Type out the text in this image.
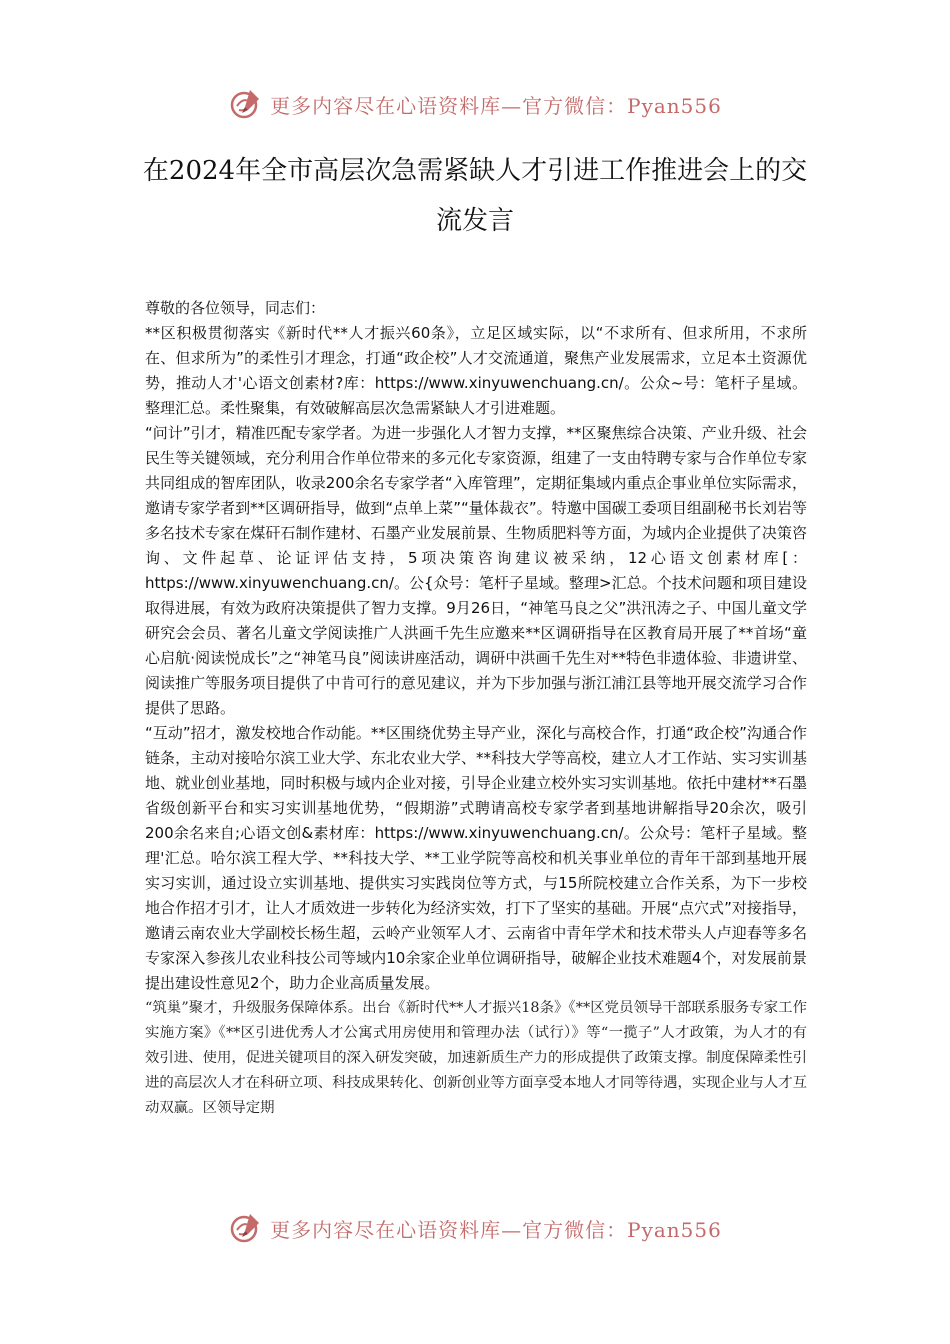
更多内容尽在心语资料库—官方微信：Pyan556
在2024年全市高层次急需紧缺人才引进工作推进会上的交流发言

尊敬的各位领导，同志们：

**区积极贯彻落实《新时代**人才振兴60条》，立足区域实际，以“不求所有、但求所用，不求所在、但求所为”的柔性引才理念，打通“政企校”人才交流通道，聚焦产业发展需求，立足本土资源优势，推动人才'心语文创素材?库：https://www.xinyuwenchuang.cn/。公众~号：笔杆子星域。整理汇总。柔性聚集，有效破解高层次急需紧缺人才引进难题。

“问计”引才，精准匹配专家学者。为进一步强化人才智力支撑，**区聚焦综合决策、产业升级、社会民生等关键领域，充分利用合作单位带来的多元化专家资源，组建了一支由特聘专家与合作单位专家共同组成的智库团队，收录200余名专家学者“入库管理”，定期征集域内重点企事业单位实际需求，邀请专家学者到**区调研指导，做到“点单上菜”“量体裁衣”。特邀中国碳工委项目组副秘书长刘岩等多名技术专家在煤矸石制作建材、石墨产业发展前景、生物质肥料等方面，为域内企业提供了决策咨询、文件起草、论证评估支持，5项决策咨询建议被采纳，12心语文创素材库[：https://www.xinyuwenchuang.cn/。公{众号：笔杆子星域。整理>汇总。个技术问题和项目建设取得进展，有效为政府决策提供了智力支撑。9月26日，“神笔马良之父”洪汛涛之子、中国儿童文学研究会会员、著名儿童文学阅读推广人洪画千先生应邀来**区调研指导在区教育局开展了**首场“童心启航·阅读悦成长”之“神笔马良”阅读讲座活动，调研中洪画千先生对**特色非遗体验、非遗讲堂、阅读推广等服务项目提供了中肯可行的意见建议，并为下步加强与浙江浦江县等地开展交流学习合作提供了思路。

“互动”招才，激发校地合作动能。**区围绕优势主导产业，深化与高校合作，打通“政企校”沟通合作链条，主动对接哈尔滨工业大学、东北农业大学、**科技大学等高校，建立人才工作站、实习实训基地、就业创业基地，同时积极与域内企业对接，引导企业建立校外实习实训基地。依托中建材**石墨省级创新平台和实习实训基地优势，“假期游”式聘请高校专家学者到基地讲解指导20余次，吸引200余名来自;心语文创&素材库：https://www.xinyuwenchuang.cn/。公众号：笔杆子星域。整理'汇总。哈尔滨工程大学、**科技大学、**工业学院等高校和机关事业单位的青年干部到基地开展实习实训，通过设立实训基地、提供实习实践岗位等方式，与15所院校建立合作关系，为下一步校地合作招才引才，让人才质效进一步转化为经济实效，打下了坚实的基础。开展“点穴式”对接指导，邀请云南农业大学副校长杨生超，云岭产业领军人才、云南省中青年学术和技术带头人卢迎春等多名专家深入参孩儿农业科技公司等域内10余家企业单位调研指导，破解企业技术难题4个，对发展前景提出建设性意见2个，助力企业高质量发展。

“筑巢”聚才，升级服务保障体系。出台《新时代**人才振兴18条》《**区党员领导干部联系服务专家工作实施方案》《**区引进优秀人才公寓式用房使用和管理办法（试行）》等“一揽子”人才政策，为人才的有效引进、使用，促进关键项目的深入研发突破，加速新质生产力的形成提供了政策支撑。制度保障柔性引进的高层次人才在科研立项、科技成果转化、创新创业等方面享受本地人才同等待遇，实现企业与人才互动双赢。区领导定期

更多内容尽在心语资料库—官方微信：Pyan556
